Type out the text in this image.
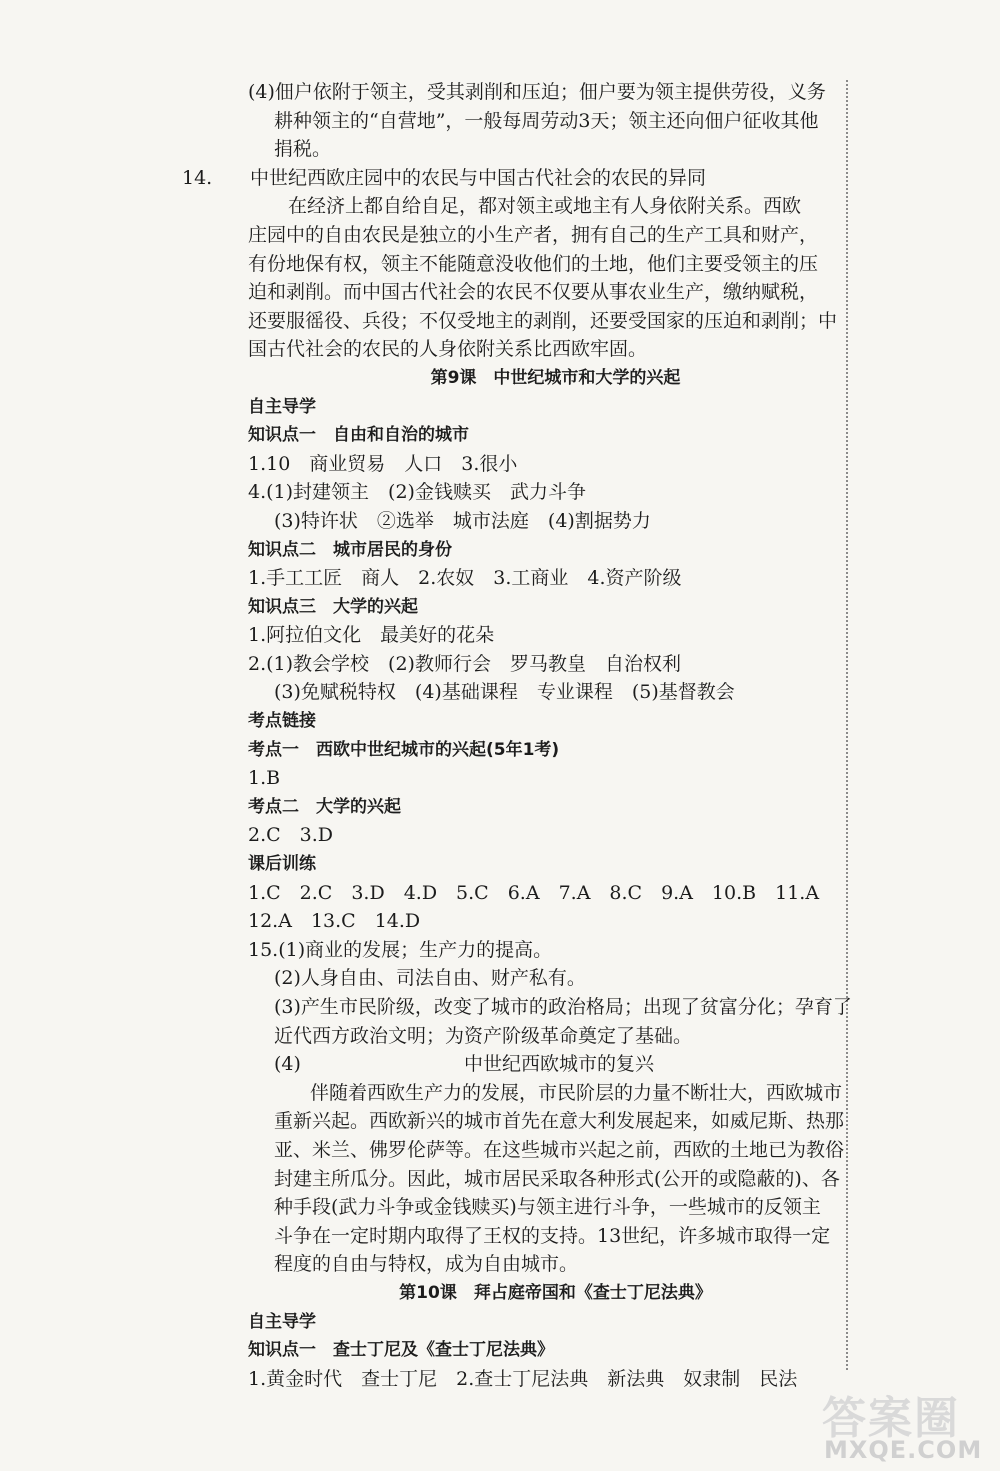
(4)佃户依附于领主，受其剥削和压迫；佃户要为领主提供劳役，义务
耕种领主的“自营地”，一般每周劳动3天；领主还向佃户征收其他
捐税。
14. 中世纪西欧庄园中的农民与中国古代社会的农民的异同
在经济上都自给自足，都对领主或地主有人身依附关系。西欧
庄园中的自由农民是独立的小生产者，拥有自己的生产工具和财产，
有份地保有权，领主不能随意没收他们的土地，他们主要受领主的压
迫和剥削。而中国古代社会的农民不仅要从事农业生产，缴纳赋税，
还要服徭役、兵役；不仅受地主的剥削，还要受国家的压迫和剥削；中
国古代社会的农民的人身依附关系比西欧牢固。
第9课　中世纪城市和大学的兴起
自主导学
知识点一　自由和自治的城市
1.10　商业贸易　人口　3.很小
4.(1)封建领主　(2)金钱赎买　武力斗争
(3)特许状　②选举　城市法庭　(4)割据势力
知识点二　城市居民的身份
1.手工工匠　商人　2.农奴　3.工商业　4.资产阶级
知识点三　大学的兴起
1.阿拉伯文化　最美好的花朵
2.(1)教会学校　(2)教师行会　罗马教皇　自治权利
(3)免赋税特权　(4)基础课程　专业课程　(5)基督教会
考点链接
考点一　西欧中世纪城市的兴起(5年1考)
1.B
考点二　大学的兴起
2.C　3.D
课后训练
1.C　2.C　3.D　4.D　5.C　6.A　7.A　8.C　9.A　10.B　11.A
12.A　13.C　14.D
15.(1)商业的发展；生产力的提高。
(2)人身自由、司法自由、财产私有。
(3)产生市民阶级，改变了城市的政治格局；出现了贫富分化；孕育了
近代西方政治文明；为资产阶级革命奠定了基础。
(4)	中世纪西欧城市的复兴
伴随着西欧生产力的发展，市民阶层的力量不断壮大，西欧城市
重新兴起。西欧新兴的城市首先在意大利发展起来，如威尼斯、热那
亚、米兰、佛罗伦萨等。在这些城市兴起之前，西欧的土地已为教俗
封建主所瓜分。因此，城市居民采取各种形式(公开的或隐蔽的)、各
种手段(武力斗争或金钱赎买)与领主进行斗争，一些城市的反领主
斗争在一定时期内取得了王权的支持。13世纪，许多城市取得一定
程度的自由与特权，成为自由城市。
第10课　拜占庭帝国和《查士丁尼法典》
自主导学
知识点一　查士丁尼及《查士丁尼法典》
1.黄金时代　查士丁尼　2.查士丁尼法典　新法典　奴隶制　民法
答案圈
MXQE.COM
